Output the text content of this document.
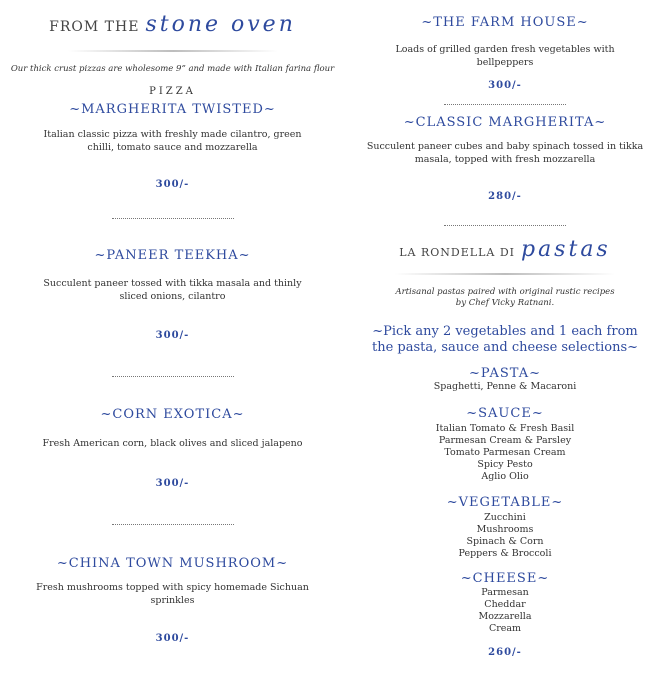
FROM THE stone oven
Our thick crust pizzas are wholesome 9” and made with Italian farina flour
PIZZA
~MARGHERITA TWISTED~
Italian classic pizza with freshly made cilantro, green
chilli, tomato sauce and mozzarella
300/-
~PANEER TEEKHA~
Succulent paneer tossed with tikka masala and thinly
sliced onions, cilantro
300/-
~CORN EXOTICA~
Fresh American corn, black olives and sliced jalapeno
300/-
~CHINA TOWN MUSHROOM~
Fresh mushrooms topped with spicy homemade Sichuan
sprinkles
300/-
~THE FARM HOUSE~
Loads of grilled garden fresh vegetables with
bellpeppers
300/-
~CLASSIC MARGHERITA~
Succulent paneer cubes and baby spinach tossed in tikka
masala, topped with fresh mozzarella
280/-
LA RONDELLA DI pastas
Artisanal pastas paired with original rustic recipes
by Chef Vicky Ratnani.
~Pick any 2 vegetables and 1 each from
the pasta, sauce and cheese selections~
~PASTA~
Spaghetti, Penne & Macaroni
~SAUCE~
Italian Tomato & Fresh Basil
Parmesan Cream & Parsley
Tomato Parmesan Cream
Spicy Pesto
Aglio Olio
~VEGETABLE~
Zucchini
Mushrooms
Spinach & Corn
Peppers & Broccoli
~CHEESE~
Parmesan
Cheddar
Mozzarella
Cream
260/-
